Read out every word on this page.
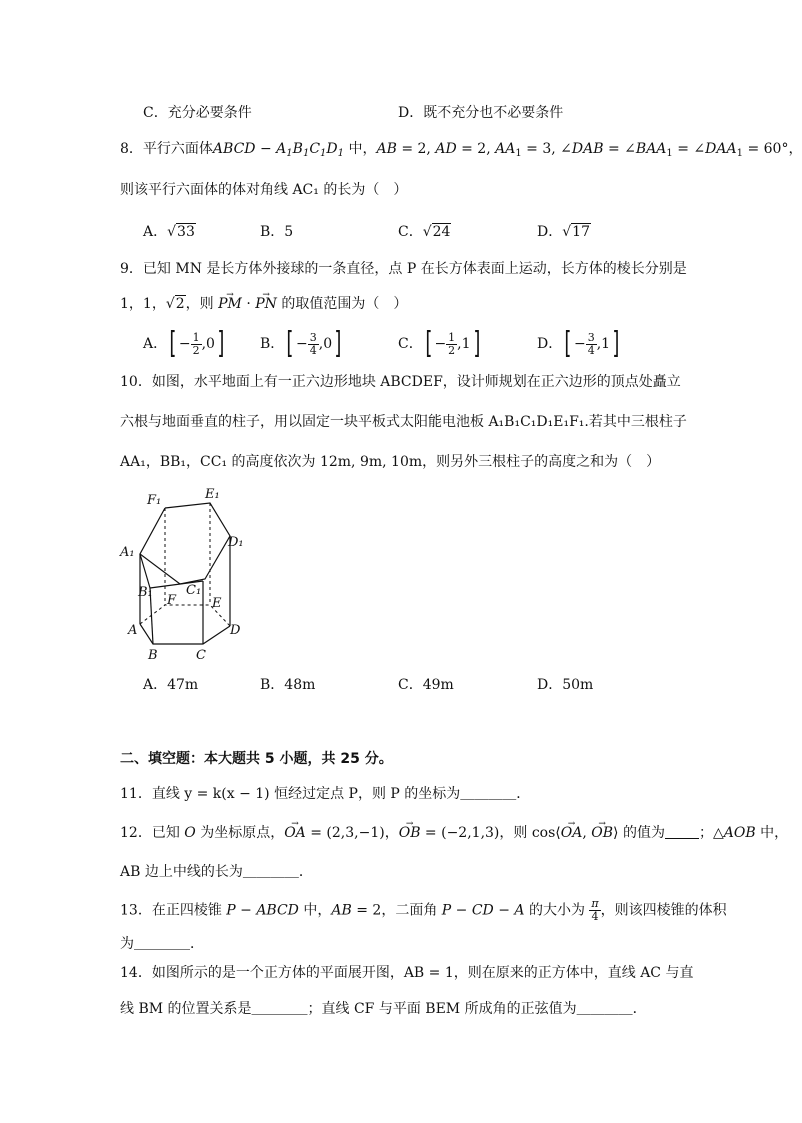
C．充分必要条件	D．既不充分也不必要条件
8．平行六面体ABCD − $A_1B_1C_1D_1$ 中，AB = 2, AD = 2, $AA_1 = 3$, ∠DAB = $\angle BAA_1$ = $\angle DAA_1 = 60^\circ$，
则该平行六面体的体对角线 AC₁ 的长为（　）
A．√33	B．5	C．√24	D．√17
9．已知 MN 是长方体外接球的一条直径，点 P 在长方体表面上运动，长方体的棱长分别是
1，1，√2，则 → PM · → PN 的取值范围为（　）
A．[ − $\frac{1}{2} ,0$]	B．[ − $\frac{3}{4} ,0$]	C．[ − $\frac{1}{2} ,1$]	D．[ − $\frac{3}{4} ,1$]
10．如图，水平地面上有一正六边形地块 ABCDEF，设计师规划在正六边形的顶点处矗立
六根与地面垂直的柱子，用以固定一块平板式太阳能电池板 A₁B₁C₁D₁E₁F₁.若其中三根柱子
AA₁，BB₁，CC₁ 的高度依次为 12m, 9m, 10m，则另外三根柱子的高度之和为（　）
F₁	E₁
A₁
D₁
B₁	C₁
F	E
A	D
B	C
A．47m	B．48m	C．49m	D．50m
二、填空题：本大题共 5 小题，共 25 分。
11．直线 y = k(x − 1) 恒经过定点 P，则 P 的坐标为＿＿＿＿．
12．已知 O 为坐标原点，→ OA = (2,3,−1)，→ OB = (−2,1,3)，则 cos⟨→ OA, → OB⟩ 的值为 ；△AOB 中，
AB 边上中线的长为＿＿＿＿．
13．在正四棱锥 P − ABCD 中，AB = 2，二面角 P − CD − A 的大小为 $\frac{\pi}{4}$ ，则该四棱锥的体积
为＿＿＿＿．
14．如图所示的是一个正方体的平面展开图，AB = 1，则在原来的正方体中，直线 AC 与直
线 BM 的位置关系是＿＿＿＿；直线 CF 与平面 BEM 所成角的正弦值为＿＿＿＿．
